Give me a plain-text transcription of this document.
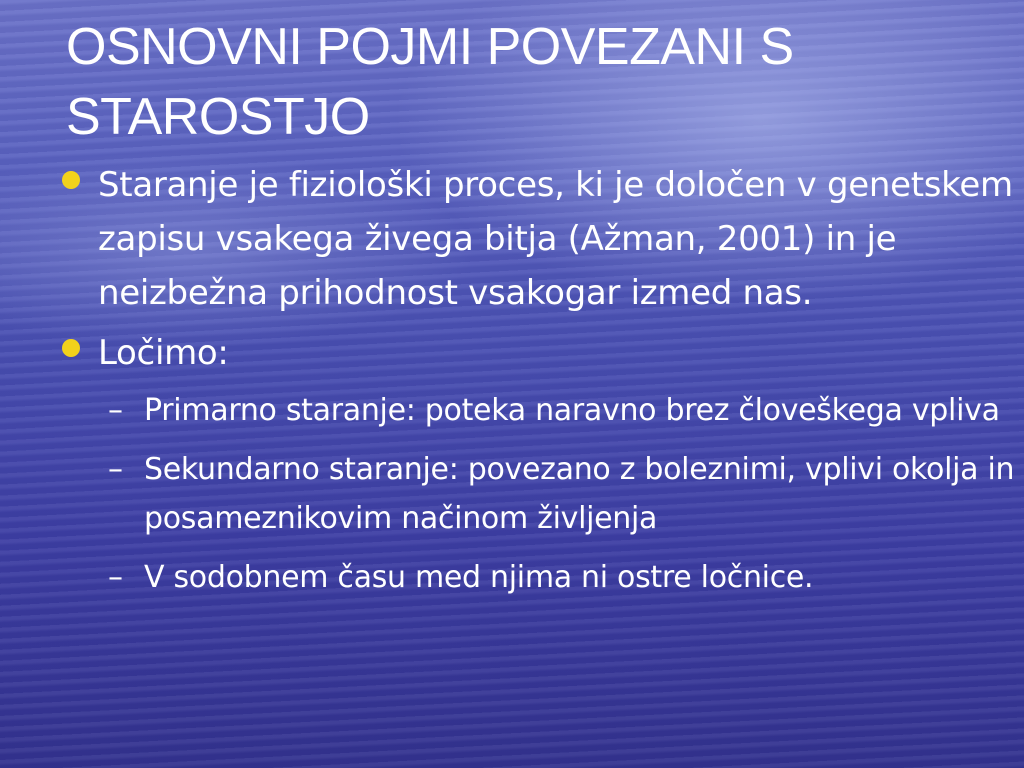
OSNOVNI POJMI POVEZANI S STAROSTJO
Staranje je fiziološki proces, ki je določen v genetskem zapisu vsakega živega bitja (Ažman, 2001) in je neizbežna prihodnost vsakogar izmed nas.
Ločimo:
– Primarno staranje: poteka naravno brez človeškega vpliva
– Sekundarno staranje: povezano z boleznimi, vplivi okolja in posameznikovim načinom življenja
– V sodobnem času med njima ni ostre ločnice.
